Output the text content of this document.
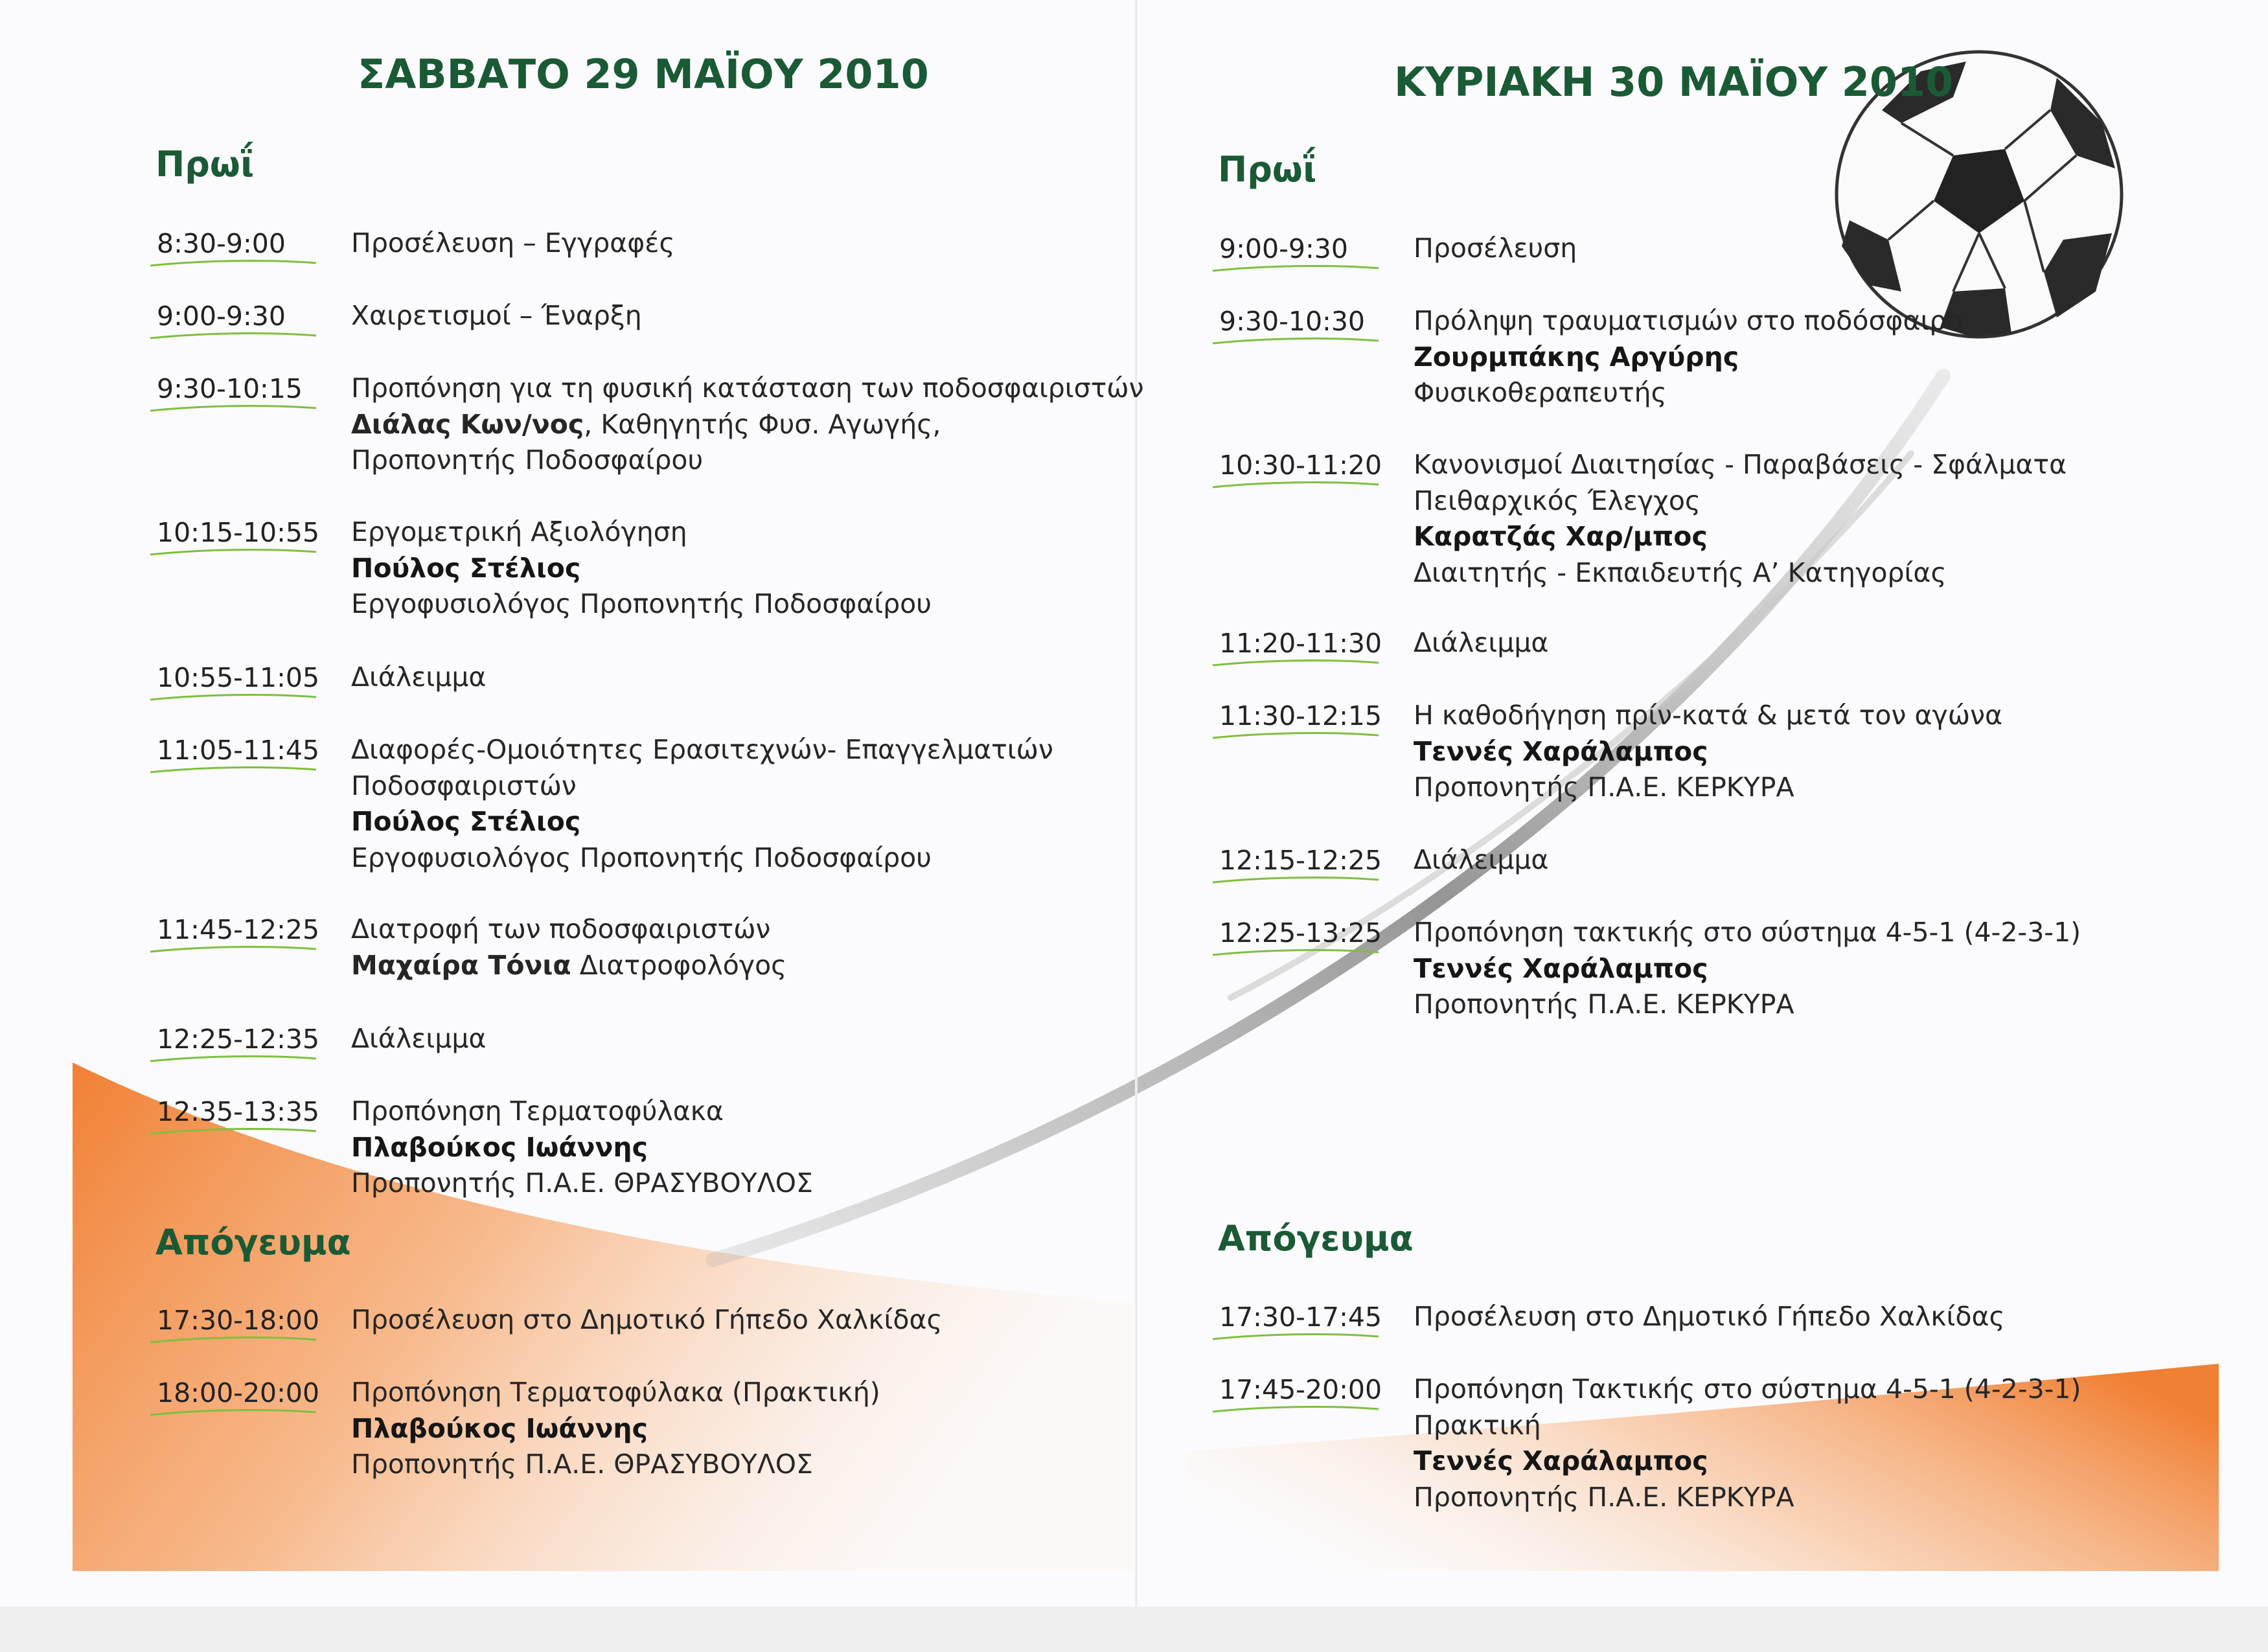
ΣΑΒΒΑΤΟ 29 ΜΑΪΟΥ 2010
Πρωΐ
8:30-9:00	Προσέλευση – Εγγραφές
9:00-9:30	Χαιρετισμοί – Έναρξη
9:30-10:15	Προπόνηση για τη φυσική κατάσταση των ποδοσφαιριστών
Διάλας Κων/νος, Καθηγητής Φυσ. Αγωγής,
Προπονητής Ποδοσφαίρου
10:15-10:55	Εργομετρική Αξιολόγηση
Πούλος Στέλιος
Εργοφυσιολόγος Προπονητής Ποδοσφαίρου
10:55-11:05	Διάλειμμα
11:05-11:45	Διαφορές-Ομοιότητες Ερασιτεχνών- Επαγγελματιών
Ποδοσφαιριστών
Πούλος Στέλιος
Εργοφυσιολόγος Προπονητής Ποδοσφαίρου
11:45-12:25	Διατροφή των ποδοσφαιριστών
Μαχαίρα Τόνια Διατροφολόγος
12:25-12:35	Διάλειμμα
12:35-13:35	Προπόνηση Τερματοφύλακα
Πλαβούκος Ιωάννης
Προπονητής Π.Α.Ε. ΘΡΑΣΥΒΟΥΛΟΣ
Απόγευμα
17:30-18:00	Προσέλευση στο Δημοτικό Γήπεδο Χαλκίδας
18:00-20:00	Προπόνηση Τερματοφύλακα (Πρακτική)
Πλαβούκος Ιωάννης
Προπονητής Π.Α.Ε. ΘΡΑΣΥΒΟΥΛΟΣ
ΚΥΡΙΑΚΗ 30 ΜΑΪΟΥ 2010
Πρωΐ
9:00-9:30	Προσέλευση
9:30-10:30	Πρόληψη τραυματισμών στο ποδόσφαιρο
Ζουρμπάκης Αργύρης
Φυσικοθεραπευτής
10:30-11:20	Κανονισμοί Διαιτησίας - Παραβάσεις - Σφάλματα
Πειθαρχικός Έλεγχος
Καρατζάς Χαρ/μπος
Διαιτητής - Εκπαιδευτής Α’ Κατηγορίας
11:20-11:30	Διάλειμμα
11:30-12:15	Η καθοδήγηση πρίν-κατά & μετά τον αγώνα
Τεννές Χαράλαμπος
Προπονητής Π.Α.Ε. ΚΕΡΚΥΡΑ
12:15-12:25	Διάλειμμα
12:25-13:25	Προπόνηση τακτικής στο σύστημα 4-5-1 (4-2-3-1)
Τεννές Χαράλαμπος
Προπονητής Π.Α.Ε. ΚΕΡΚΥΡΑ
Απόγευμα
17:30-17:45	Προσέλευση στο Δημοτικό Γήπεδο Χαλκίδας
17:45-20:00	Προπόνηση Τακτικής στο σύστημα 4-5-1 (4-2-3-1)
Πρακτική
Τεννές Χαράλαμπος
Προπονητής Π.Α.Ε. ΚΕΡΚΥΡΑ
